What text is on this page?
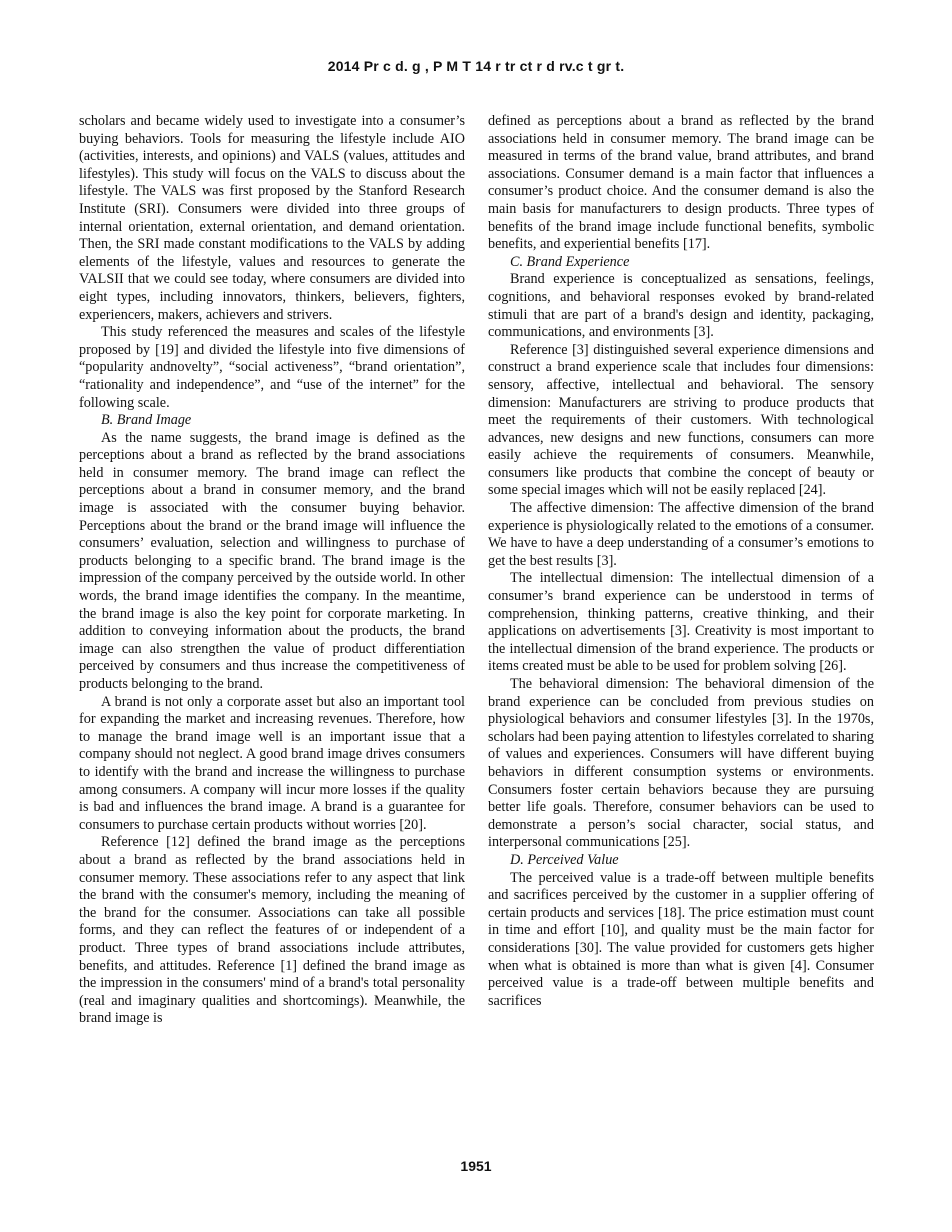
2014 Pr c d. g , P M T 14 r tr ct r d rv.c t gr t.

scholars and became widely used to investigate into a consumer’s buying behaviors. Tools for measuring the lifestyle include AIO (activities, interests, and opinions) and VALS (values, attitudes and lifestyles). This study will focus on the VALS to discuss about the lifestyle. The VALS was first proposed by the Stanford Research Institute (SRI). Consumers were divided into three groups of internal orientation, external orientation, and demand orientation. Then, the SRI made constant modifications to the VALS by adding elements of the lifestyle, values and resources to generate the VALSII that we could see today, where consumers are divided into eight types, including innovators, thinkers, believers, fighters, experiencers, makers, achievers and strivers.

This study referenced the measures and scales of the lifestyle proposed by [19] and divided the lifestyle into five dimensions of “popularity andnovelty”, “social activeness”, “brand orientation”, “rationality and independence”, and “use of the internet” for the following scale.

B. Brand Image

As the name suggests, the brand image is defined as the perceptions about a brand as reflected by the brand associations held in consumer memory. The brand image can reflect the perceptions about a brand in consumer memory, and the brand image is associated with the consumer buying behavior. Perceptions about the brand or the brand image will influence the consumers’ evaluation, selection and willingness to purchase of products belonging to a specific brand. The brand image is the impression of the company perceived by the outside world. In other words, the brand image identifies the company. In the meantime, the brand image is also the key point for corporate marketing. In addition to conveying information about the products, the brand image can also strengthen the value of product differentiation perceived by consumers and thus increase the competitiveness of products belonging to the brand.

A brand is not only a corporate asset but also an important tool for expanding the market and increasing revenues. Therefore, how to manage the brand image well is an important issue that a company should not neglect. A good brand image drives consumers to identify with the brand and increase the willingness to purchase among consumers. A company will incur more losses if the quality is bad and influences the brand image. A brand is a guarantee for consumers to purchase certain products without worries [20].

Reference [12] defined the brand image as the perceptions about a brand as reflected by the brand associations held in consumer memory. These associations refer to any aspect that link the brand with the consumer's memory, including the meaning of the brand for the consumer. Associations can take all possible forms, and they can reflect the features of or independent of a product. Three types of brand associations include attributes, benefits, and attitudes. Reference [1] defined the brand image as the impression in the consumers' mind of a brand's total personality (real and imaginary qualities and shortcomings). Meanwhile, the brand image is

defined as perceptions about a brand as reflected by the brand associations held in consumer memory. The brand image can be measured in terms of the brand value, brand attributes, and brand associations. Consumer demand is a main factor that influences a consumer’s product choice. And the consumer demand is also the main basis for manufacturers to design products. Three types of benefits of the brand image include functional benefits, symbolic benefits, and experiential benefits [17].

C. Brand Experience

Brand experience is conceptualized as sensations, feelings, cognitions, and behavioral responses evoked by brand-related stimuli that are part of a brand's design and identity, packaging, communications, and environments [3].

Reference [3] distinguished several experience dimensions and construct a brand experience scale that includes four dimensions: sensory, affective, intellectual and behavioral. The sensory dimension: Manufacturers are striving to produce products that meet the requirements of their customers. With technological advances, new designs and new functions, consumers can more easily achieve the requirements of consumers. Meanwhile, consumers like products that combine the concept of beauty or some special images which will not be easily replaced [24].

The affective dimension: The affective dimension of the brand experience is physiologically related to the emotions of a consumer. We have to have a deep understanding of a consumer’s emotions to get the best results [3].

The intellectual dimension: The intellectual dimension of a consumer’s brand experience can be understood in terms of comprehension, thinking patterns, creative thinking, and their applications on advertisements [3]. Creativity is most important to the intellectual dimension of the brand experience. The products or items created must be able to be used for problem solving [26].

The behavioral dimension: The behavioral dimension of the brand experience can be concluded from previous studies on physiological behaviors and consumer lifestyles [3]. In the 1970s, scholars had been paying attention to lifestyles correlated to sharing of values and experiences. Consumers will have different buying behaviors in different consumption systems or environments. Consumers foster certain behaviors because they are pursuing better life goals. Therefore, consumer behaviors can be used to demonstrate a person’s social character, social status, and interpersonal communications [25].

D. Perceived Value

The perceived value is a trade-off between multiple benefits and sacrifices perceived by the customer in a supplier offering of certain products and services [18]. The price estimation must count in time and effort [10], and quality must be the main factor for considerations [30]. The value provided for customers gets higher when what is obtained is more than what is given [4]. Consumer perceived value is a trade-off between multiple benefits and sacrifices

1951
